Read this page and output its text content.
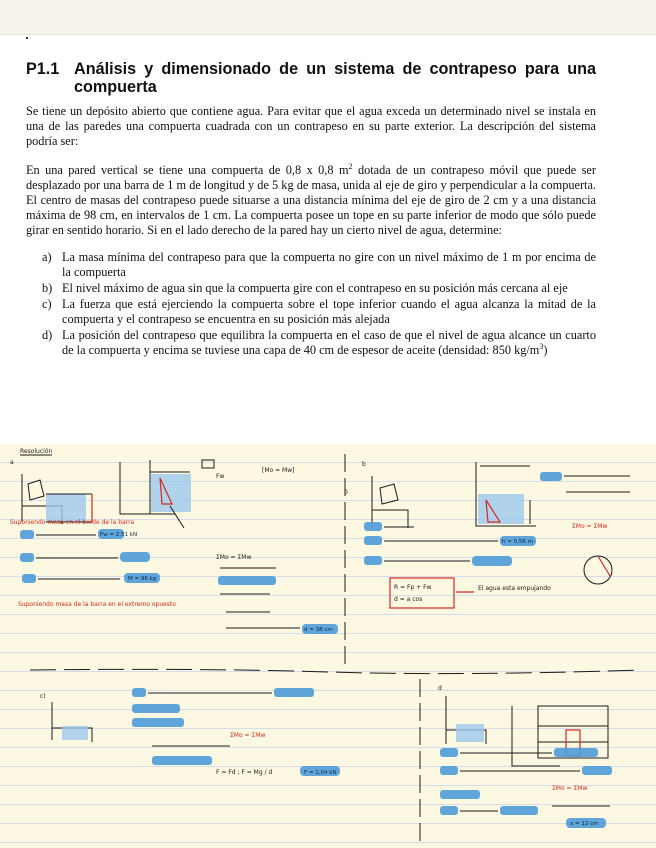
P1.1 Análisis y dimensionado de un sistema de contrapeso para una compuerta

Se tiene un depósito abierto que contiene agua. Para evitar que el agua exceda un determinado nivel se instala en una de las paredes una compuerta cuadrada con un contrapeso en su parte exterior. La descripción del sistema podría ser:

En una pared vertical se tiene una compuerta de 0,8 x 0,8 $m^2$ dotada de un contrapeso móvil que puede ser desplazado por una barra de 1 m de longitud y de 5 kg de masa, unida al eje de giro y perpendicular a la compuerta. El centro de masas del contrapeso puede situarse a una distancia mínima del eje de giro de 2 cm y a una distancia máxima de 98 cm, en intervalos de 1 cm. La compuerta posee un tope en su parte inferior de modo que sólo puede girar en sentido horario. Si en el lado derecho de la pared hay un cierto nivel de agua, determine:

a) La masa mínima del contrapeso para que la compuerta no gire con un nivel máximo de 1 m por encima de la compuerta
b) El nivel máximo de agua sin que la compuerta gire con el contrapeso en su posición más cercana al eje
c) La fuerza que está ejerciendo la compuerta sobre el tope inferior cuando el agua alcanza la mitad de la compuerta y el contrapeso se encuentra en su posición más alejada
d) La posición del contrapeso que equilibra la compuerta en el caso de que el nivel de agua alcance un cuarto de la compuerta y encima se tuviese una capa de 40 cm de espesor de aceite (densidad: 850 $kg/m^3$)
Resolución
a	b
c)
d
Fw
[Mo = Mw]
Suponiendo masa en el borde de la barra
Suponiendo masa de la barra en el extremo opuesto
Fw = 2,51 kN
M = 96 kg
ΣMo = ΣMw
d = 38 cm
ΣMo = ΣMw
0
h = 0,56 m
R = Fp + Fw
d = a cos
El agua esta empujando
ΣMo = ΣMw
F = Fd ; F = Mg / d	F = 1,04 kN
ΣMo = ΣMw
x = 12 cm
